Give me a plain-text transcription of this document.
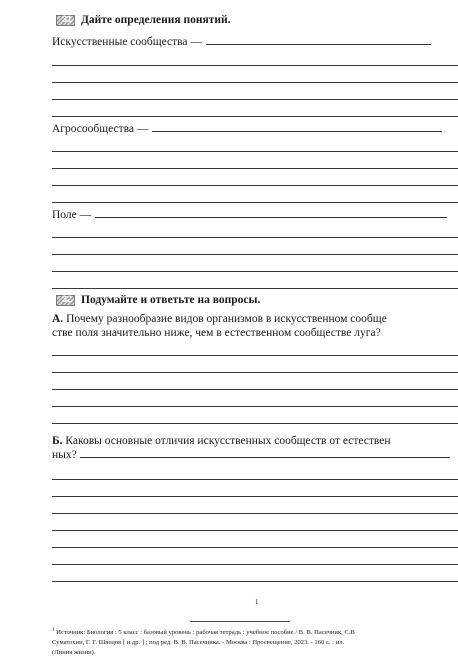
31 Дайте определения понятий.
Искусственные сообщества —
Агросообщества —
Поле —
32 Подумайте и ответьте на вопросы.
А. Почему разнообразие видов организмов в искусственном сообще
стве поля значительно ниже, чем в естественном сообществе луга?
Б. Каковы основные отличия искусственных сообществ от естествен
ных?
1
$^1$ Источник: Биология : 5 класс : базовый уровень : рабочая тетрадь : учебное пособие / В. В. Пасечник, С.В
Суматохин, Г. Г. Швецов [ и др. ] ; под ред. В. В. Пасечника. - Москва : Просвещение, 2023. - 160 с. : ил.
(Линия жизни).
